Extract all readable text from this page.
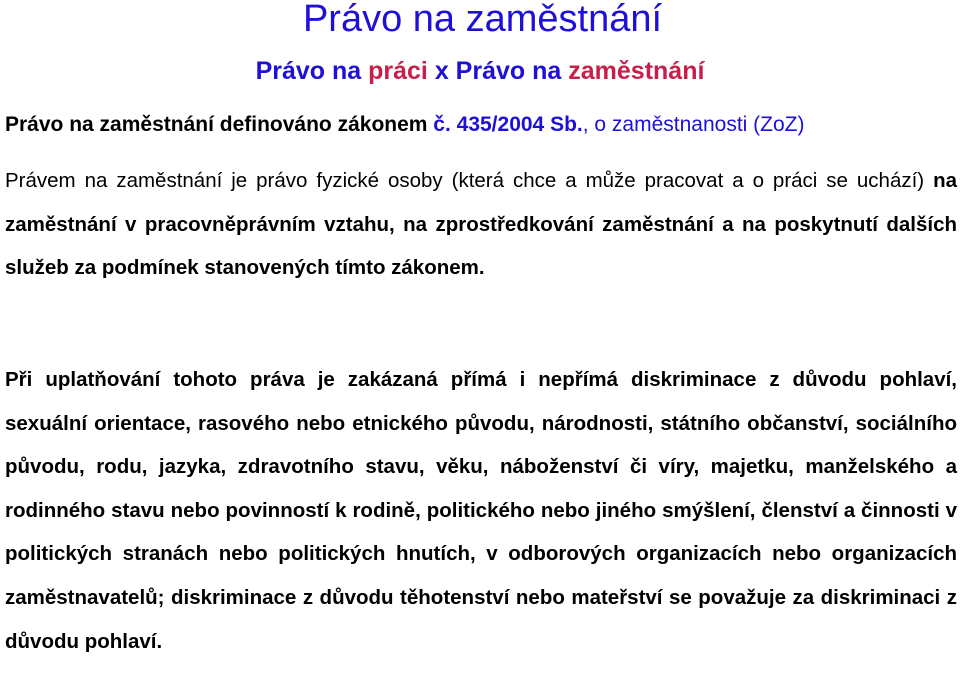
Právo na zaměstnání
Právo na práci x Právo na zaměstnání
Právo na zaměstnání definováno zákonem č. 435/2004 Sb., o zaměstnanosti (ZoZ)
Právem na zaměstnání je právo fyzické osoby (která chce a může pracovat a o práci se uchází) na zaměstnání v pracovněprávním vztahu, na zprostředkování zaměstnání a na poskytnutí dalších služeb za podmínek stanovených tímto zákonem.
Při uplatňování tohoto práva je zakázaná přímá i nepřímá diskriminace z důvodu pohlaví, sexuální orientace, rasového nebo etnického původu, národnosti, státního občanství, sociálního původu, rodu, jazyka, zdravotního stavu, věku, náboženství či víry, majetku, manželského a rodinného stavu nebo povinností k rodině, politického nebo jiného smýšlení, členství a činnosti v politických stranách nebo politických hnutích, v odborových organizacích nebo organizacích zaměstnavatelů; diskriminace z důvodu těhotenství nebo mateřství se považuje za diskriminaci z důvodu pohlaví.
